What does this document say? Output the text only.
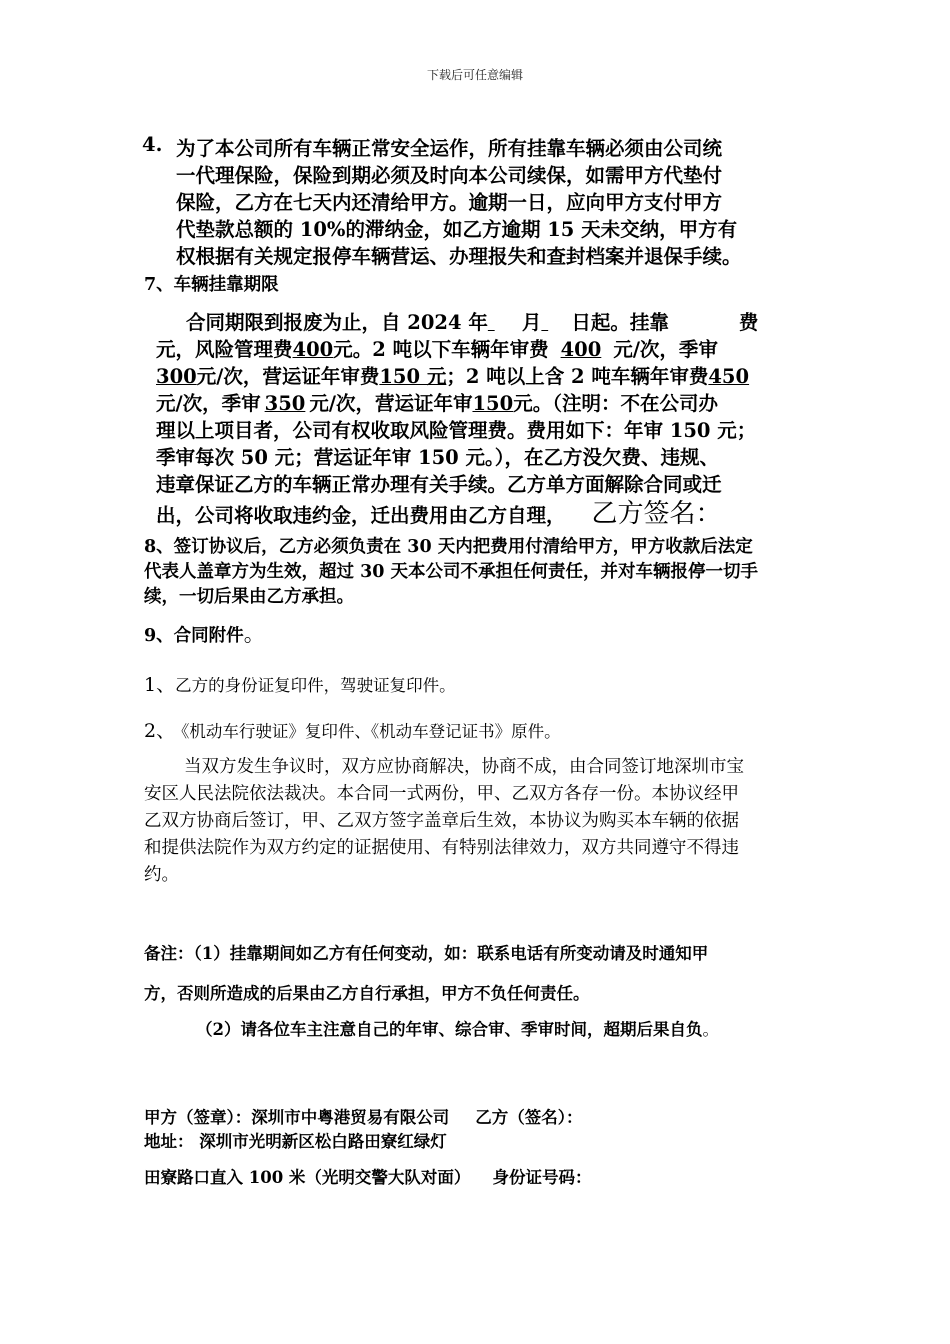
下载后可任意编辑
4. 为了本公司所有车辆正常安全运作，所有挂靠车辆必须由公司统
一代理保险，保险到期必须及时向本公司续保，如需甲方代垫付
保险，乙方在七天内还清给甲方。逾期一日，应向甲方支付甲方
代垫款总额的 10%的滞纳金，如乙方逾期 15 天未交纳，甲方有
权根据有关规定报停车辆营运、办理报失和查封档案并退保手续。
7、车辆挂靠期限
合同期限到报废为止，自 2024 年 月 日起。挂靠	费
元，风险管理费400元。2 吨以下车辆年审费 400 元/次，季审
300元/次，营运证年审费150 元；2 吨以上含 2 吨车辆年审费450
元/次，季审 350 元/次，营运证年审150元。（注明：不在公司办
理以上项目者，公司有权收取风险管理费。费用如下：年审 150 元；
季审每次 50 元；营运证年审 150 元。），在乙方没欠费、违规、
违章保证乙方的车辆正常办理有关手续。乙方单方面解除合同或迁
出，公司将收取违约金，迁出费用由乙方自理， 乙方签名：
8、签订协议后，乙方必须负责在 30 天内把费用付清给甲方，甲方收款后法定
代表人盖章方为生效，超过 30 天本公司不承担任何责任，并对车辆报停一切手
续，一切后果由乙方承担。
9、合同附件。
1、乙方的身份证复印件，驾驶证复印件。
2、 《机动车行驶证》复印件、《机动车登记证书》原件。
当双方发生争议时，双方应协商解决，协商不成，由合同签订地深圳市宝
安区人民法院依法裁决。本合同一式两份，甲、乙双方各存一份。本协议经甲
乙双方协商后签订，甲、乙双方签字盖章后生效，本协议为购买本车辆的依据
和提供法院作为双方约定的证据使用、有特别法律效力，双方共同遵守不得违
约。
备注：（1）挂靠期间如乙方有任何变动，如：联系电话有所变动请及时通知甲
方，否则所造成的后果由乙方自行承担，甲方不负任何责任。
（2）请各位车主注意自己的年审、综合审、季审时间，超期后果自负。
甲方（签章）：深圳市中粤港贸易有限公司 乙方（签名）：
地址： 深圳市光明新区松白路田寮红绿灯
田寮路口直入 100 米（光明交警大队对面） 身份证号码：
